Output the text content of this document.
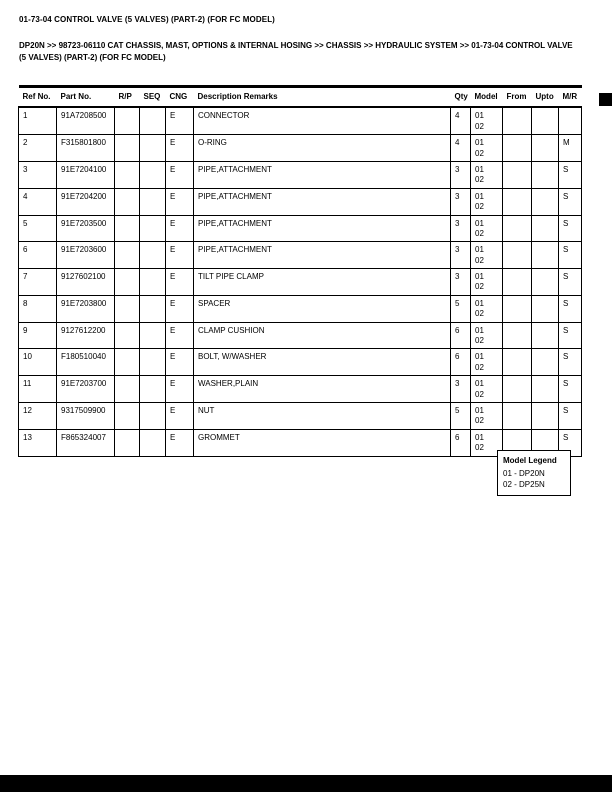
01-73-04 CONTROL VALVE (5 VALVES) (PART-2) (FOR FC MODEL)
DP20N >> 98723-06110 CAT CHASSIS, MAST, OPTIONS & INTERNAL HOSING >> CHASSIS >> HYDRAULIC SYSTEM >> 01-73-04 CONTROL VALVE (5 VALVES) (PART-2) (FOR FC MODEL)
Ref No.	Part No.	R/P	SEQ	CNG	Description Remarks	Qty	Model	From	Upto	M/R
1	91A7208500			E	CONNECTOR	4	01
02			

2	F315801800			E	O-RING	4	01
02			M
3	91E7204100			E	PIPE,ATTACHMENT	3	01
02			S
4	91E7204200			E	PIPE,ATTACHMENT	3	01
02			S
5	91E7203500			E	PIPE,ATTACHMENT	3	01
02			S
6	91E7203600			E	PIPE,ATTACHMENT	3	01
02			S
7	9127602100			E	TILT PIPE CLAMP	3	01
02			S
8	91E7203800			E	SPACER	5	01
02			S
9	9127612200			E	CLAMP CUSHION	6	01
02			S
10	F180510040			E	BOLT, W/WASHER	6	01
02			S
11	91E7203700			E	WASHER,PLAIN	3	01
02			S
12	9317509900			E	NUT	5	01
02			S
13	F865324007			E	GROMMET	6	01
02			S
Model Legend
01 - DP20N
02 - DP25N
